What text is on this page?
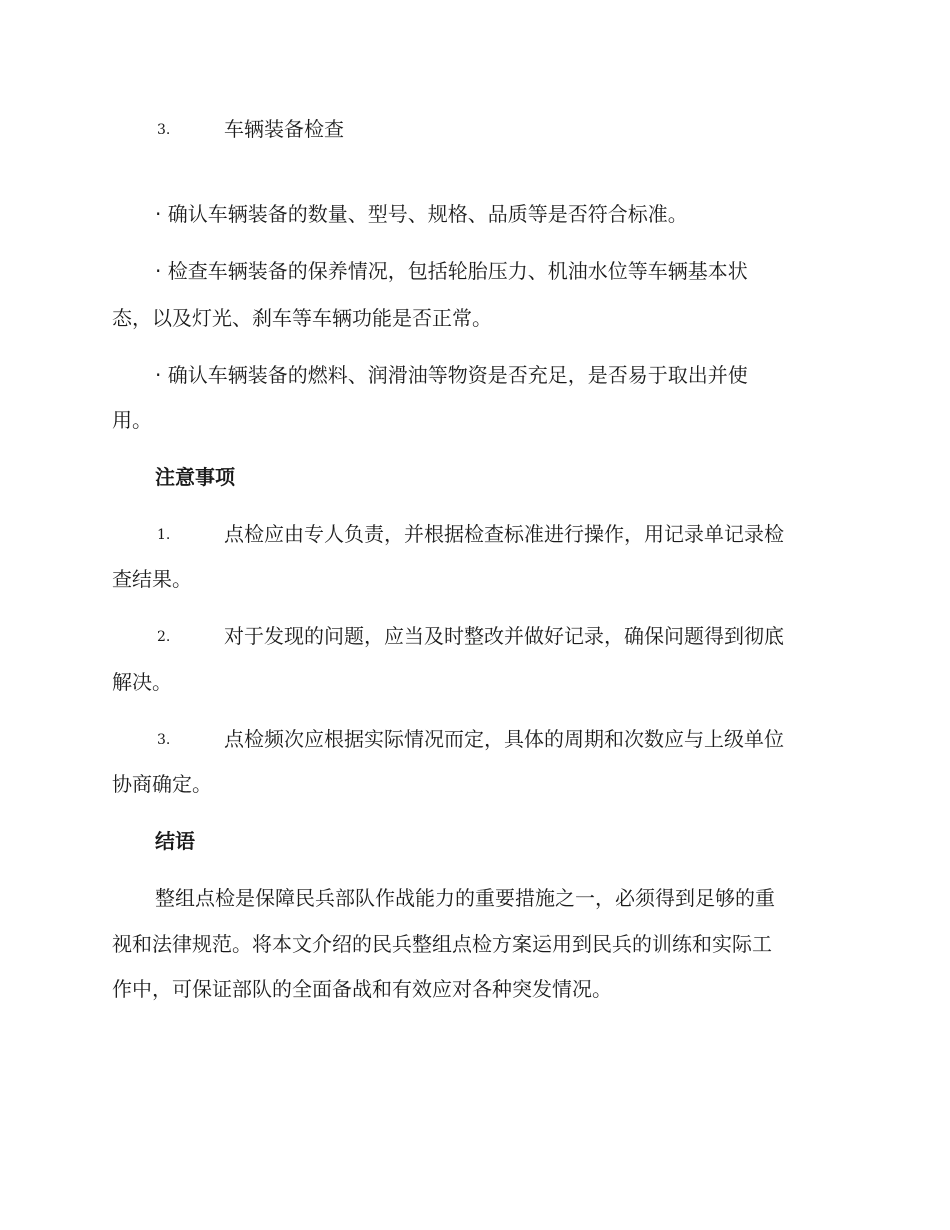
3.	车辆装备检查
· 确认车辆装备的数量、型号、规格、品质等是否符合标准。
· 检查车辆装备的保养情况，包括轮胎压力、机油水位等车辆基本状
态，以及灯光、刹车等车辆功能是否正常。
· 确认车辆装备的燃料、润滑油等物资是否充足，是否易于取出并使
用。
注意事项
1.	点检应由专人负责，并根据检查标准进行操作，用记录单记录检
查结果。
2.	对于发现的问题，应当及时整改并做好记录，确保问题得到彻底
解决。
3.	点检频次应根据实际情况而定，具体的周期和次数应与上级单位
协商确定。
结语
整组点检是保障民兵部队作战能力的重要措施之一，必须得到足够的重
视和法律规范。将本文介绍的民兵整组点检方案运用到民兵的训练和实际工
作中，可保证部队的全面备战和有效应对各种突发情况。
